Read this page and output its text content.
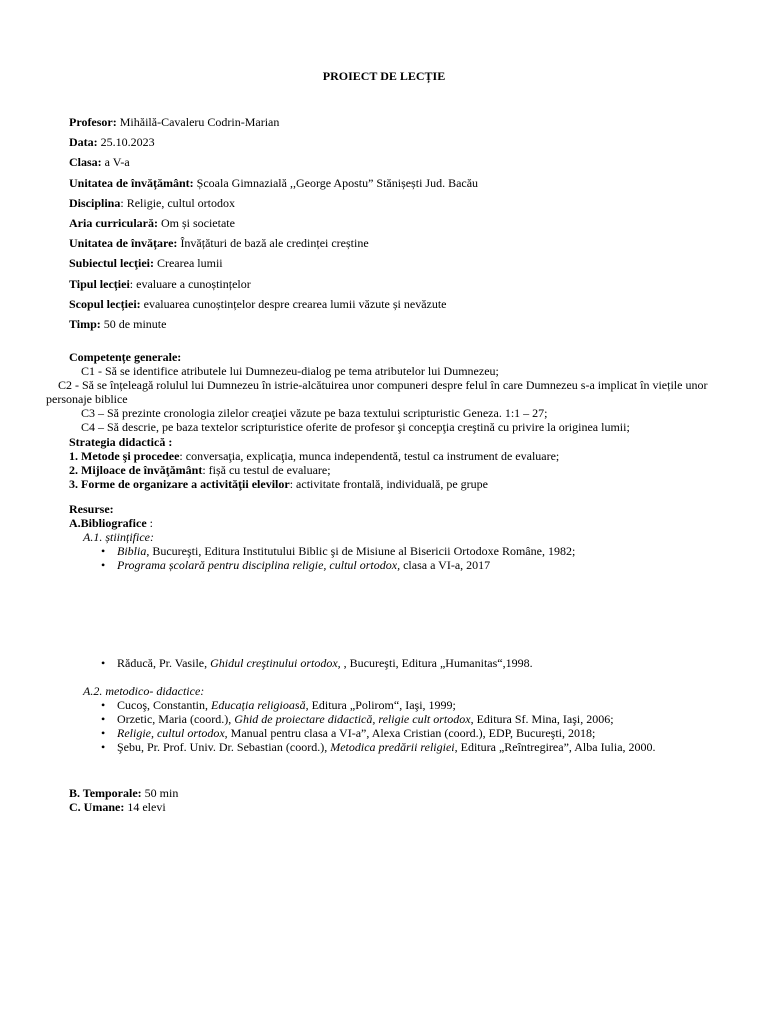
PROIECT DE LECȚIE
Profesor: Mihăilă-Cavaleru Codrin-Marian
Data: 25.10.2023
Clasa: a V-a
Unitatea de învățământ: Școala Gimnazială ,,George Apostu” Stănișești Jud. Bacău
Disciplina: Religie, cultul ortodox
Aria curriculară: Om și societate
Unitatea de învățare: Învățături de bază ale credinței creștine
Subiectul lecţiei: Crearea lumii
Tipul lecției: evaluare a cunoștințelor
Scopul lecției: evaluarea cunoștințelor despre crearea lumii văzute și nevăzute
Timp: 50 de minute
Competențe generale:
C1 - Să se identifice atributele lui Dumnezeu-dialog pe tema atributelor lui Dumnezeu;
C2 - Să se înțeleagă rolulul lui Dumnezeu în istrie-alcătuirea unor compuneri despre felul în care Dumnezeu s-a implicat în viețile unor personaje biblice
C3 – Să prezinte cronologia zilelor creaţiei văzute pe baza textului scripturistic Geneza. 1:1 – 27;
C4 – Să descrie, pe baza textelor scripturistice oferite de profesor şi concepţia creştină cu privire la originea lumii;
Strategia didactică :
1. Metode şi procedee: conversaţia, explicaţia, munca independentă, testul ca instrument de evaluare;
2. Mijloace de învăţământ: fișă cu testul de evaluare;
3. Forme de organizare a activităţii elevilor: activitate frontală, individuală, pe grupe
Resurse:
A.Bibliografice :
A.1. științifice:
• Biblia, Bucureşti, Editura Institutului Biblic şi de Misiune al Bisericii Ortodoxe Române, 1982;
• Programa școlară pentru disciplina religie, cultul ortodox, clasa a VI-a, 2017
• Răducă, Pr. Vasile, Ghidul creştinului ortodox, , Bucureşti, Editura „Humanitas“,1998.
A.2. metodico- didactice:
• Cucoş, Constantin, Educația religioasă, Editura „Polirom“, Iaşi, 1999;
• Orzetic, Maria (coord.), Ghid de proiectare didactică, religie cult ortodox, Editura Sf. Mina, Iaşi, 2006;
• Religie, cultul ortodox, Manual pentru clasa a VI-a”, Alexa Cristian (coord.), EDP, Bucureşti, 2018;
• Şebu, Pr. Prof. Univ. Dr. Sebastian (coord.), Metodica predării religiei, Editura „Reîntregirea”, Alba Iulia, 2000.
B. Temporale: 50 min
C. Umane: 14 elevi
